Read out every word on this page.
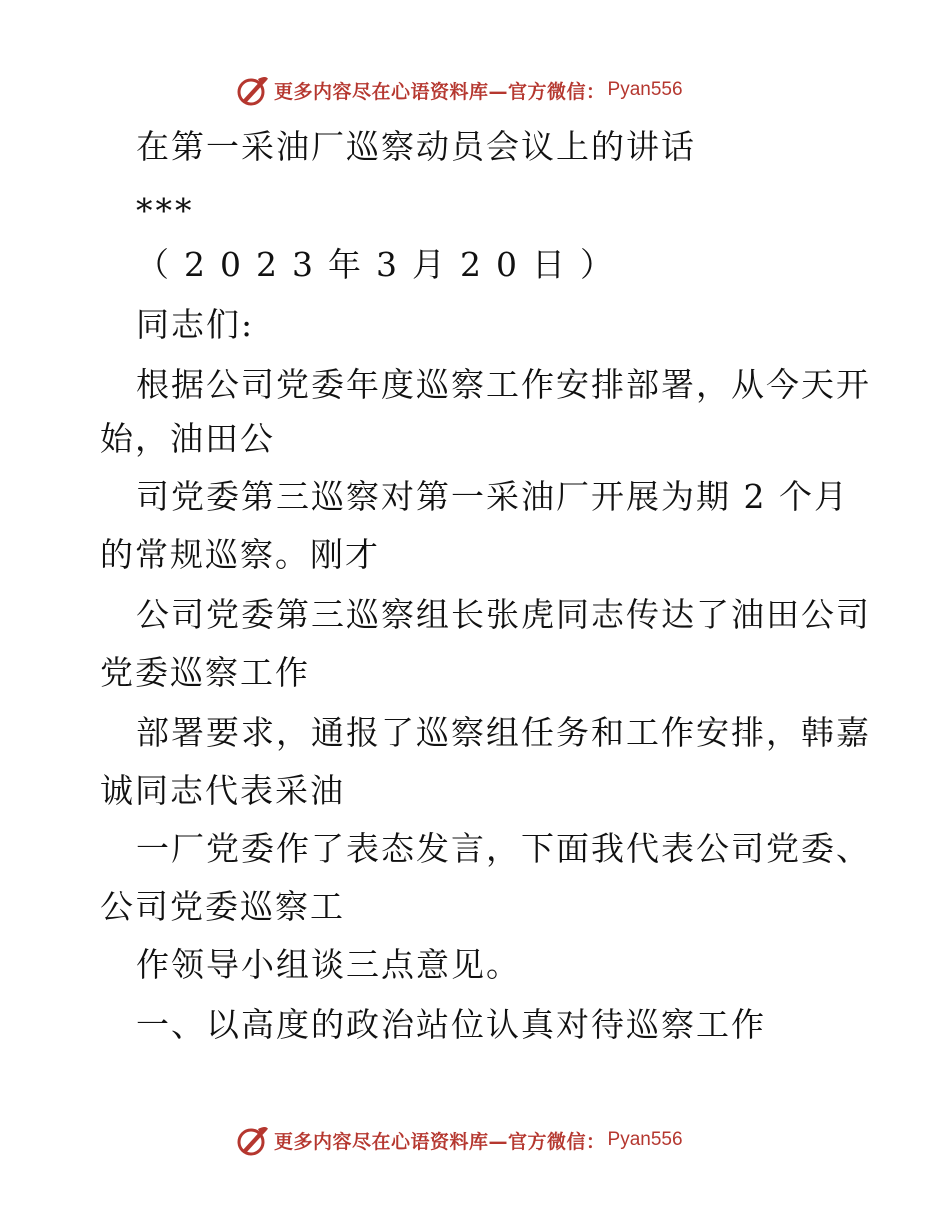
更多内容尽在心语资料库—官方微信： Pyan556
在第一采油厂巡察动员会议上的讲话
***
（2023年3月20日）
同志们:
根据公司党委年度巡察工作安排部署，从今天开
始，油田公
司党委第三巡察对第一采油厂开展为期 2 个月
的常规巡察。刚才
公司党委第三巡察组长张虎同志传达了油田公司
党委巡察工作
部署要求，通报了巡察组任务和工作安排，韩嘉
诚同志代表采油
一厂党委作了表态发言，下面我代表公司党委、
公司党委巡察工
作领导小组谈三点意见。
一、以高度的政治站位认真对待巡察工作
更多内容尽在心语资料库—官方微信： Pyan556
